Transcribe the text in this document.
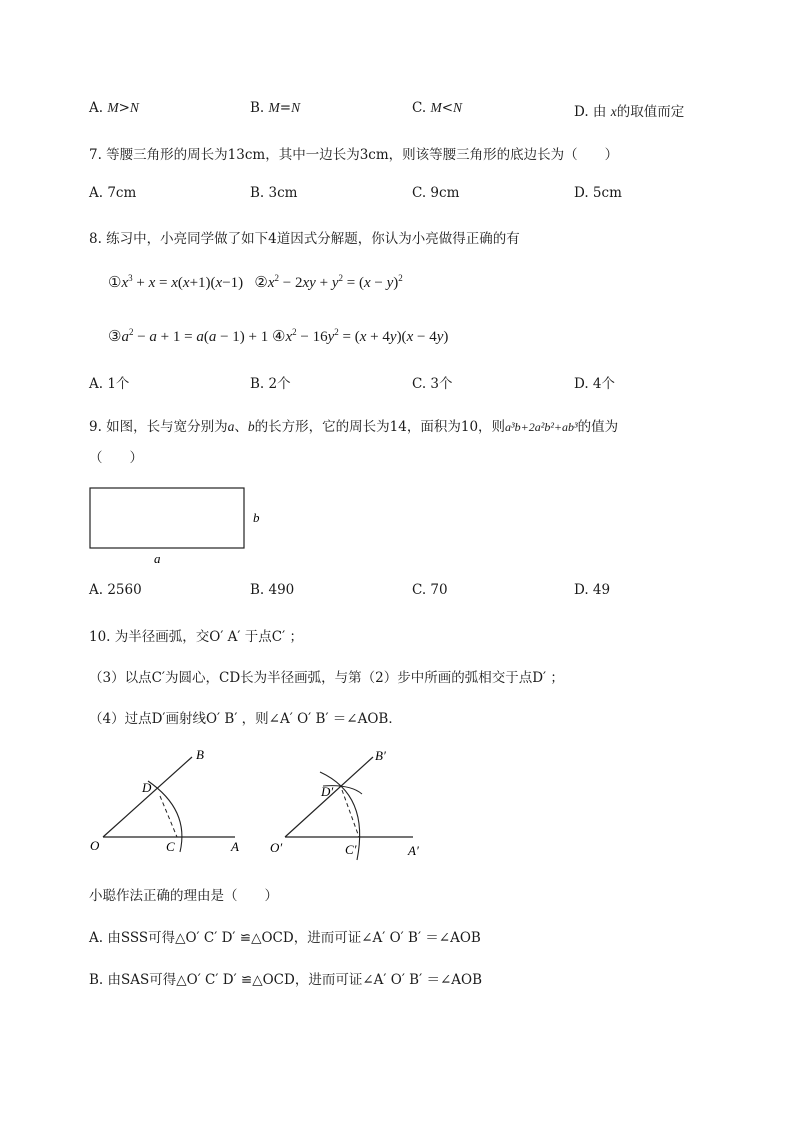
A. M>N	B. M=N	C. M<N	D. 由 x的取值而定
7. 等腰三角形的周长为13cm，其中一边长为3cm，则该等腰三角形的底边长为（　　）
A. 7cm	B. 3cm	C. 9cm	D. 5cm
8. 练习中，小亮同学做了如下4道因式分解题，你认为小亮做得正确的有
$①x^3 + x = x(x+1)(x-1)$   $②x^2 - 2xy + y^2 = (x - y)^2$
$③a^2 - a + 1 = a(a - 1) + 1$ $④x^2 - 16y^2 = (x + 4y)(x - 4y)$
A. 1个	B. 2个	C. 3个	D. 4个
9. 如图，长与宽分别为a、b的长方形，它的周长为14，面积为10，则a³b+2a²b²+ab³的值为
（　　）
b
a
A. 2560	B. 490	C. 70	D. 49
10. 为半径画弧，交O′ A′ 于点C′ ；
（3）以点C′为圆心，CD长为半径画弧，与第（2）步中所画的弧相交于点D′ ；
（4）过点D′画射线O′ B′ ，则∠A′ O′ B′ ＝∠AOB．
B
D
O	C	A
B′
D′
O′	C′	A′
小聪作法正确的理由是（　　）
A. 由SSS可得△O′ C′ D′ ≌△OCD，进而可证∠A′ O′ B′ ＝∠AOB
B. 由SAS可得△O′ C′ D′ ≌△OCD，进而可证∠A′ O′ B′ ＝∠AOB
